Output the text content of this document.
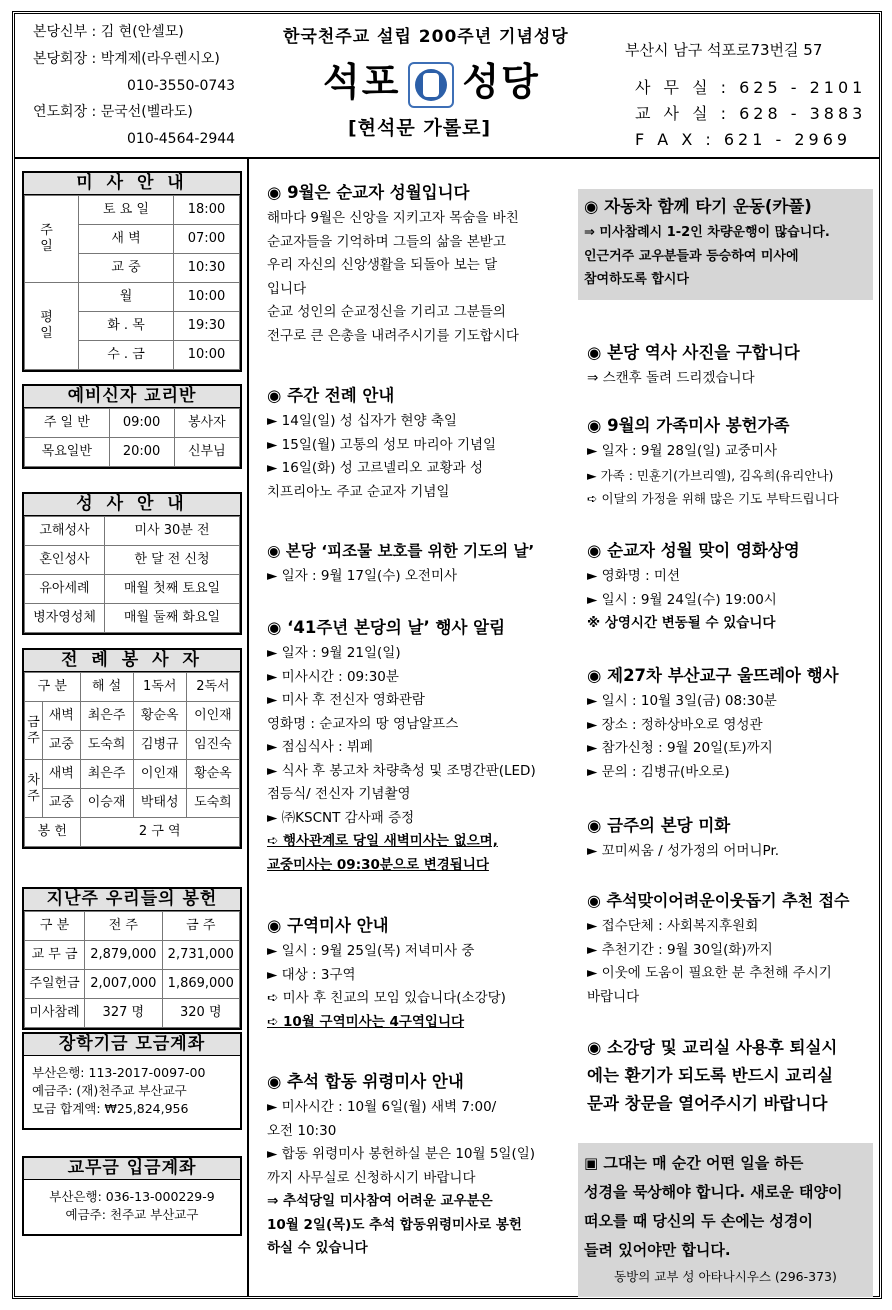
본당신부 : 김 현(안셀모)
본당회장 : 박계제(라우렌시오)
010-3550-0743
연도회장 : 문국선(벨라도)
010-4564-2944
한국천주교 설립 200주년 기념성당
석포 성당
[현석문 가롤로]
부산시 남구 석포로73번길 57
사 무 실 : 625 - 2101
교 사 실 : 628 - 3883
F A X : 621 - 2969
미 사 안 내
주 일	토 요 일	18:00
	새 벽	07:00
	교 중	10:30
평 일	월	10:00
	화 . 목	19:30
	수 . 금	10:00
예비신자 교리반
주 일 반	09:00	봉사자
목요일반	20:00	신부님
성 사 안 내
고해성사	미사 30분 전
혼인성사	한 달 전 신청
유아세례	매월 첫째 토요일
병자영성체	매월 둘째 화요일
전 례 봉 사 자
구 분		해 설	1독서	2독서
금주	새벽	최은주	황순옥	이인재
	교중	도숙희	김병규	임진숙
차주	새벽	최은주	이인재	황순옥
	교중	이승재	박태성	도숙희
봉 헌		2 구 역		
지난주 우리들의 봉헌
구 분	전 주	금 주
교 무 금	2,879,000	2,731,000
주일헌금	2,007,000	1,869,000
미사참례	327 명	320 명
장학기금 모금계좌

부산은행: 113-2017-0097-00

예금주: (재)천주교 부산교구

모금 합계액: ₩25,824,956

교무금 입금계좌

부산은행: 036-13-000229-9

예금주: 천주교 부산교구

◉ 9월은 순교자 성월입니다

해마다 9월은 신앙을 지키고자 목숨을 바친

순교자들을 기억하며 그들의 삶을 본받고

우리 자신의 신앙생활을 되돌아 보는 달

입니다

순교 성인의 순교정신을 기리고 그분들의

전구로 큰 은총을 내려주시기를 기도합시다

◉ 주간 전례 안내

► 14일(일) 성 십자가 현양 축일

► 15일(월) 고통의 성모 마리아 기념일

► 16일(화) 성 고르넬리오 교황과 성

치프리아노 주교 순교자 기념일

◉ 본당 ‘피조물 보호를 위한 기도의 날’

► 일자 : 9월 17일(수) 오전미사

◉ ‘41주년 본당의 날’ 행사 알림

► 일자 : 9월 21일(일)

► 미사시간 : 09:30분

► 미사 후 전신자 영화관람

영화명 : 순교자의 땅 영남알프스

► 점심식사 : 뷔페

► 식사 후 봉고차 차량축성 및 조명간판(LED)

점등식/ 전신자 기념촬영

► ㈜KSCNT 감사패 증정

➪ 행사관계로 당일 새벽미사는 없으며,

교중미사는 09:30분으로 변경됩니다

◉ 구역미사 안내

► 일시 : 9월 25일(목) 저녁미사 중

► 대상 : 3구역

➪ 미사 후 친교의 모임 있습니다(소강당)

➪ 10월 구역미사는 4구역입니다

◉ 추석 합동 위령미사 안내

► 미사시간 : 10월 6일(월) 새벽 7:00/

오전 10:30

► 합동 위령미사 봉헌하실 분은 10월 5일(일)

까지 사무실로 신청하시기 바랍니다

⇒ 추석당일 미사참여 어려운 교우분은

10월 2일(목)도 추석 합동위령미사로 봉헌

하실 수 있습니다

◉ 자동차 함께 타기 운동(카풀)

⇒ 미사참례시 1-2인 차량운행이 많습니다.

인근거주 교우분들과 등승하여 미사에

참여하도록 합시다

◉ 본당 역사 사진을 구합니다

⇒ 스캔후 돌려 드리겠습니다

◉ 9월의 가족미사 봉헌가족

► 일자 : 9월 28일(일) 교중미사

► 가족 : 민훈기(가브리엘), 김옥희(유리안나)

➪ 이달의 가정을 위해 많은 기도 부탁드립니다

◉ 순교자 성월 맞이 영화상영

► 영화명 : 미션

► 일시 : 9월 24일(수) 19:00시

※ 상영시간 변동될 수 있습니다

◉ 제27차 부산교구 울뜨레아 행사

► 일시 : 10월 3일(금) 08:30분

► 장소 : 정하상바오로 영성관

► 참가신청 : 9월 20일(토)까지

► 문의 : 김병규(바오로)

◉ 금주의 본당 미화

► 꼬미씨움 / 성가정의 어머니Pr.

◉ 추석맞이어려운이웃돕기 추천 접수

► 접수단체 : 사회복지후원회

► 추천기간 : 9월 30일(화)까지

► 이웃에 도움이 필요한 분 추천해 주시기

바랍니다

◉ 소강당 및 교리실 사용후 퇴실시

에는 환기가 되도록 반드시 교리실

문과 창문을 열어주시기 바랍니다

▣ 그대는 매 순간 어떤 일을 하든

성경을 묵상해야 합니다. 새로운 태양이

떠오를 때 당신의 두 손에는 성경이

들려 있어야만 합니다.

동방의 교부 성 아타나시우스 (296-373)
